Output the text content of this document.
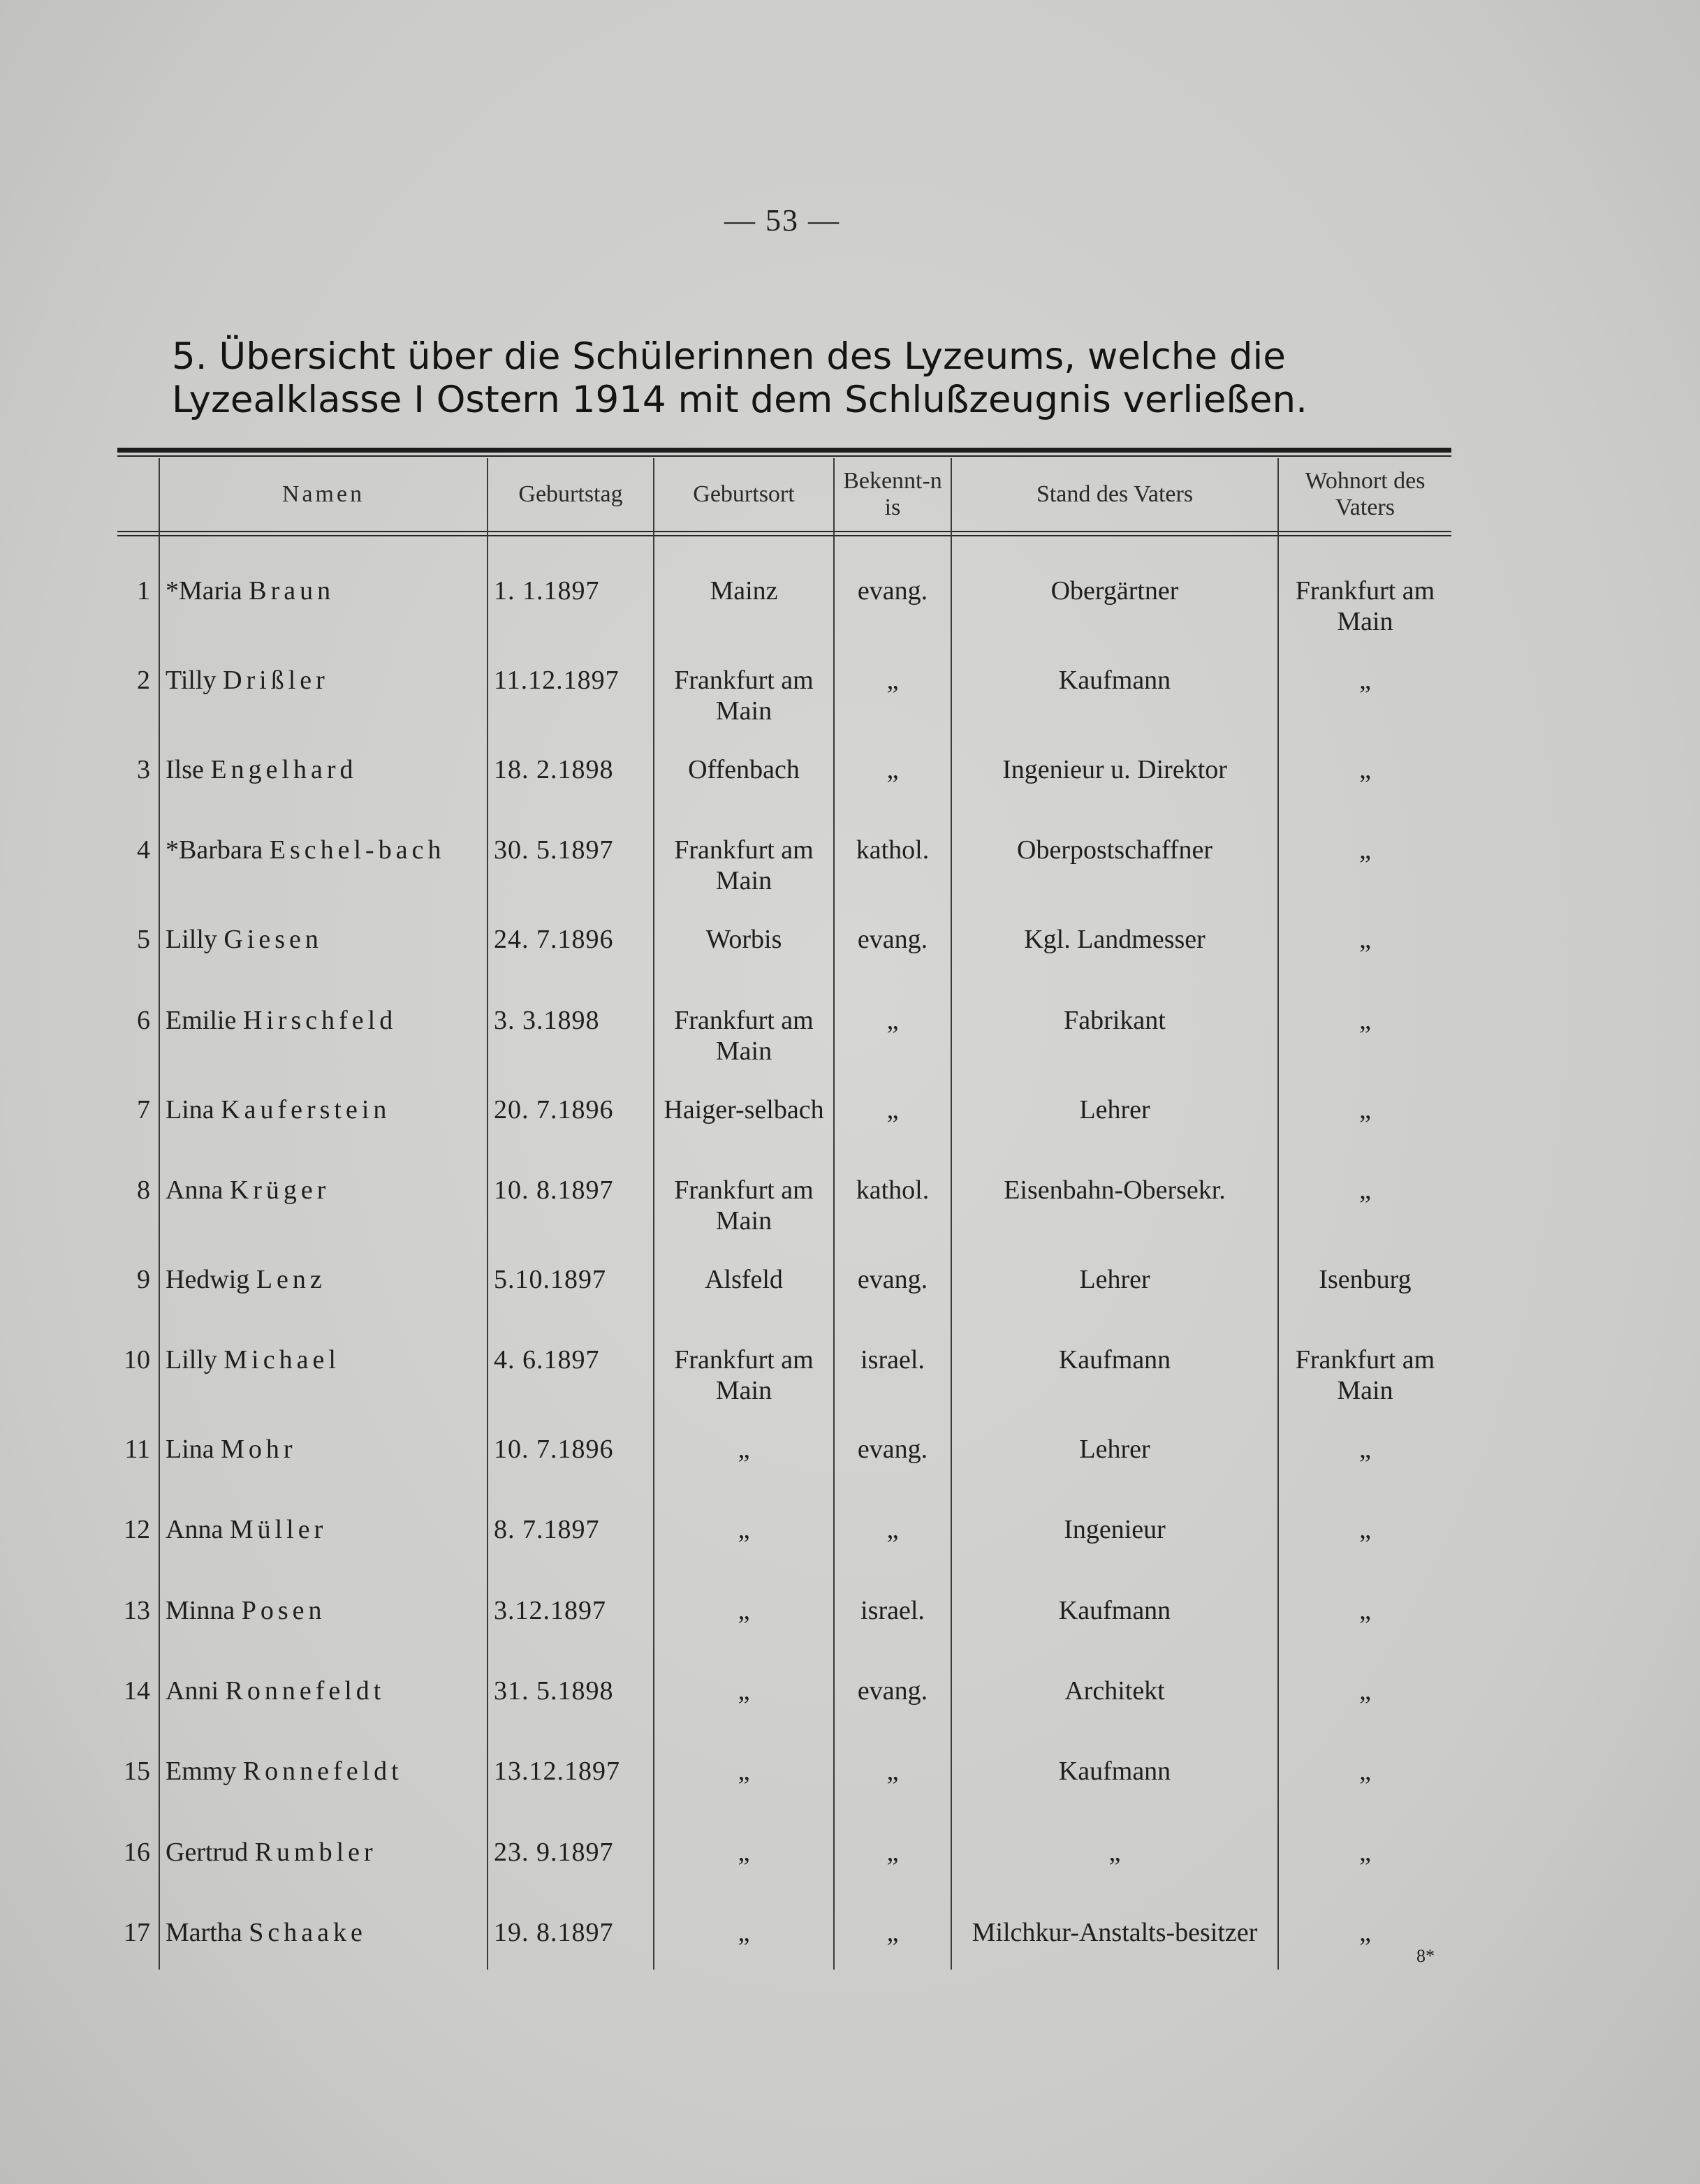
— 53 —
5. Übersicht über die Schülerinnen des Lyzeums, welche die
Lyzealklasse I Ostern 1914 mit dem Schlußzeugnis verließen.
	Namen	Geburtstag	Geburtsort	Bekennt-nis	Stand des Vaters	Wohnort des Vaters
1	*Maria Braun	1. 1.1897	Mainz	evang.	Obergärtner	Frankfurt am Main
2	Tilly Drißler	11.12.1897	Frankfurt am Main	„	Kaufmann	„
3	Ilse Engelhard	18. 2.1898	Offenbach	„	Ingenieur u. Direktor	„
4	*Barbara Eschel-bach	30. 5.1897	Frankfurt am Main	kathol.	Oberpostschaffner	„
5	Lilly Giesen	24. 7.1896	Worbis	evang.	Kgl. Landmesser	„
6	Emilie Hirschfeld	3. 3.1898	Frankfurt am Main	„	Fabrikant	„
7	Lina Kauferstein	20. 7.1896	Haiger-selbach	„	Lehrer	„
8	Anna Krüger	10. 8.1897	Frankfurt am Main	kathol.	Eisenbahn-Obersekr.	„
9	Hedwig Lenz	5.10.1897	Alsfeld	evang.	Lehrer	Isenburg
10	Lilly Michael	4. 6.1897	Frankfurt am Main	israel.	Kaufmann	Frankfurt am Main
11	Lina Mohr	10. 7.1896	„	evang.	Lehrer	„
12	Anna Müller	8. 7.1897	„	„	Ingenieur	„
13	Minna Posen	3.12.1897	„	israel.	Kaufmann	„
14	Anni Ronnefeldt	31. 5.1898	„	evang.	Architekt	„
15	Emmy Ronnefeldt	13.12.1897	„	„	Kaufmann	„
16	Gertrud Rumbler	23. 9.1897	„	„	„	„
17	Martha Schaake	19. 8.1897	„	„	Milchkur-Anstalts-besitzer	„
8*
